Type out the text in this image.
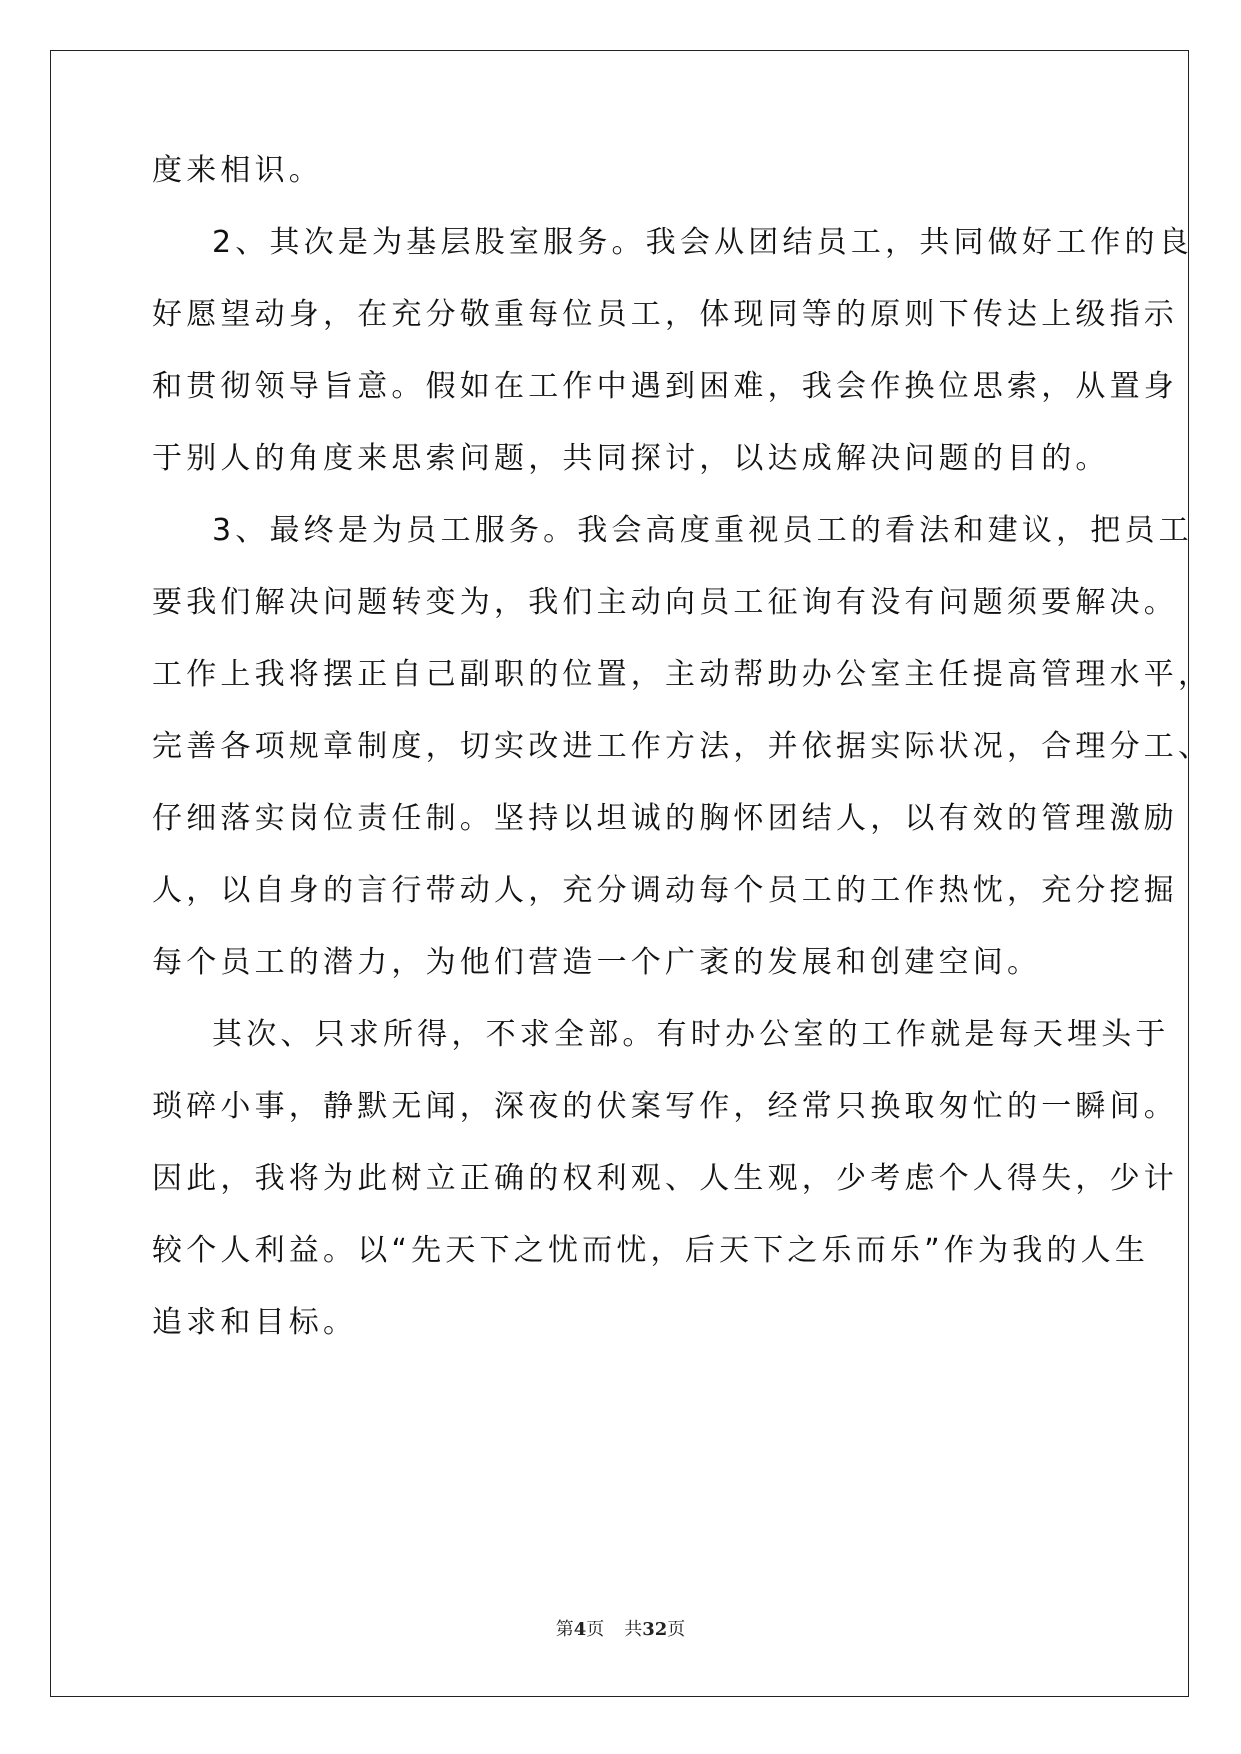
度来相识。
2、其次是为基层股室服务。我会从团结员工，共同做好工作的良
好愿望动身，在充分敬重每位员工，体现同等的原则下传达上级指示
和贯彻领导旨意。假如在工作中遇到困难，我会作换位思索，从置身
于别人的角度来思索问题，共同探讨，以达成解决问题的目的。
3、最终是为员工服务。我会高度重视员工的看法和建议，把员工
要我们解决问题转变为，我们主动向员工征询有没有问题须要解决。
工作上我将摆正自己副职的位置，主动帮助办公室主任提高管理水平，
完善各项规章制度，切实改进工作方法，并依据实际状况，合理分工、
仔细落实岗位责任制。坚持以坦诚的胸怀团结人，以有效的管理激励
人，以自身的言行带动人，充分调动每个员工的工作热忱，充分挖掘
每个员工的潜力，为他们营造一个广袤的发展和创建空间。
其次、只求所得，不求全部。有时办公室的工作就是每天埋头于
琐碎小事，静默无闻，深夜的伏案写作，经常只换取匆忙的一瞬间。
因此，我将为此树立正确的权利观、人生观，少考虑个人得失，少计
较个人利益。以“先天下之忧而忧，后天下之乐而乐”作为我的人生
追求和目标。
第4页 共32页
